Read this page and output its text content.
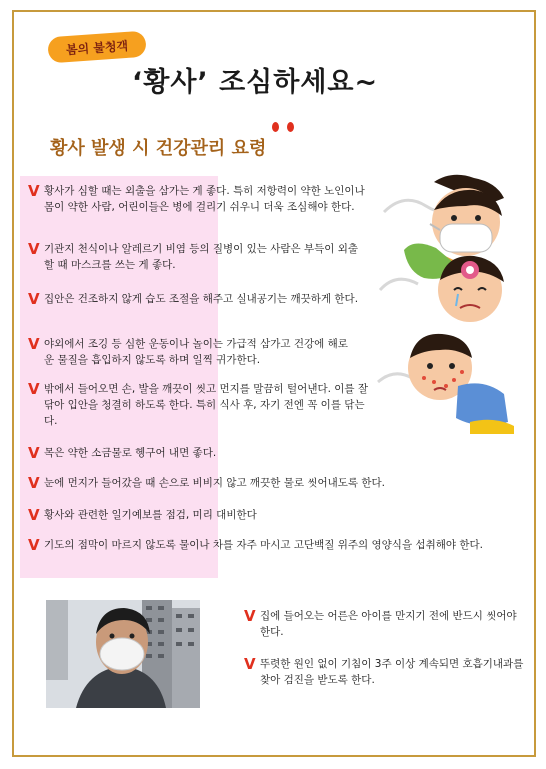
봄의 불청객
‘황사’ 조심하세요~
황사 발생 시 건강관리 요령
V 황사가 심할 때는 외출을 삼가는 게 좋다. 특히 저항력이 약한 노인이나 몸이 약한 사람, 어린이들은 병에 걸리기 쉬우니 더욱 조심해야 한다.
V 기관지 천식이나 알레르기 비염 등의 질병이 있는 사람은 부득이 외출할 때 마스크를 쓰는 게 좋다.
V 집안은 건조하지 않게 습도 조절을 해주고 실내공기는 깨끗하게 한다.
V 야외에서 조깅 등 심한 운동이나 놀이는 가급적 삼가고 건강에 해로운 물질을 흡입하지 않도록 하며 일찍 귀가한다.
V 밖에서 들어오면 손, 발을 깨끗이 씻고 먼지를 말끔히 털어낸다. 이를 잘 닦아 입안을 청결히 하도록 한다. 특히 식사 후, 자기 전엔 꼭 이를 닦는다.
V 목은 약한 소금물로 헹구어 내면 좋다.
V 눈에 먼지가 들어갔을 때 손으로 비비지 않고 깨끗한 물로 씻어내도록 한다.
V 황사와 관련한 일기예보를 점검, 미리 대비한다
V 기도의 점막이 마르지 않도록 물이나 차를 자주 마시고 고단백질 위주의 영양식을 섭취해야 한다.
V 집에 들어오는 어른은 아이를 만지기 전에 반드시 씻어야 한다.
V 뚜렷한 원인 없이 기침이 3주 이상 계속되면 호흡기내과를 찾아 검진을 받도록 한다.
